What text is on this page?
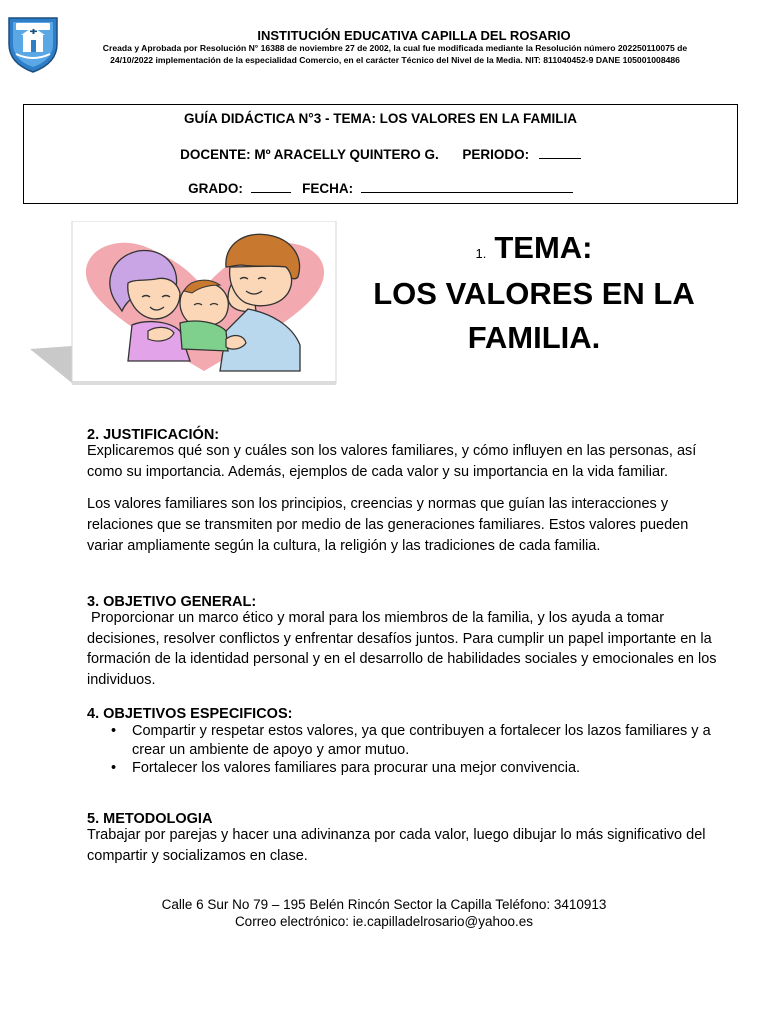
INSTITUCIÓN EDUCATIVA CAPILLA DEL ROSARIO
Creada y Aprobada por Resolución N° 16388 de noviembre 27 de 2002, la cual fue modificada mediante la Resolución número 202250110075 de 24/10/2022 implementación de la especialidad Comercio, en el carácter Técnico del Nivel de la Media. NIT: 811040452-9 DANE 105001008486
GUÍA DIDÁCTICA N°3 - TEMA: LOS VALORES EN LA FAMILIA
DOCENTE: Mº ARACELLY QUINTERO G. PERIODO:
GRADO:	FECHA:
1. TEMA:
LOS VALORES EN LA
FAMILIA.
2. JUSTIFICACIÓN:
Explicaremos qué son y cuáles son los valores familiares, y cómo influyen en las personas, así como su importancia. Además, ejemplos de cada valor y su importancia en la vida familiar.
Los valores familiares son los principios, creencias y normas que guían las interacciones y relaciones que se transmiten por medio de las generaciones familiares. Estos valores pueden variar ampliamente según la cultura, la religión y las tradiciones de cada familia.
3. OBJETIVO GENERAL:
Proporcionar un marco ético y moral para los miembros de la familia, y los ayuda a tomar decisiones, resolver conflictos y enfrentar desafíos juntos. Para cumplir un papel importante en la formación de la identidad personal y en el desarrollo de habilidades sociales y emocionales en los individuos.
4. OBJETIVOS ESPECIFICOS:
• Compartir y respetar estos valores, ya que contribuyen a fortalecer los lazos familiares y a crear un ambiente de apoyo y amor mutuo.
• Fortalecer los valores familiares para procurar una mejor convivencia.
5. METODOLOGIA
Trabajar por parejas y hacer una adivinanza por cada valor, luego dibujar lo más significativo del compartir y socializamos en clase.
Calle 6 Sur No 79 – 195 Belén Rincón Sector la Capilla Teléfono: 3410913
Correo electrónico: ie.capilladelrosario@yahoo.es
